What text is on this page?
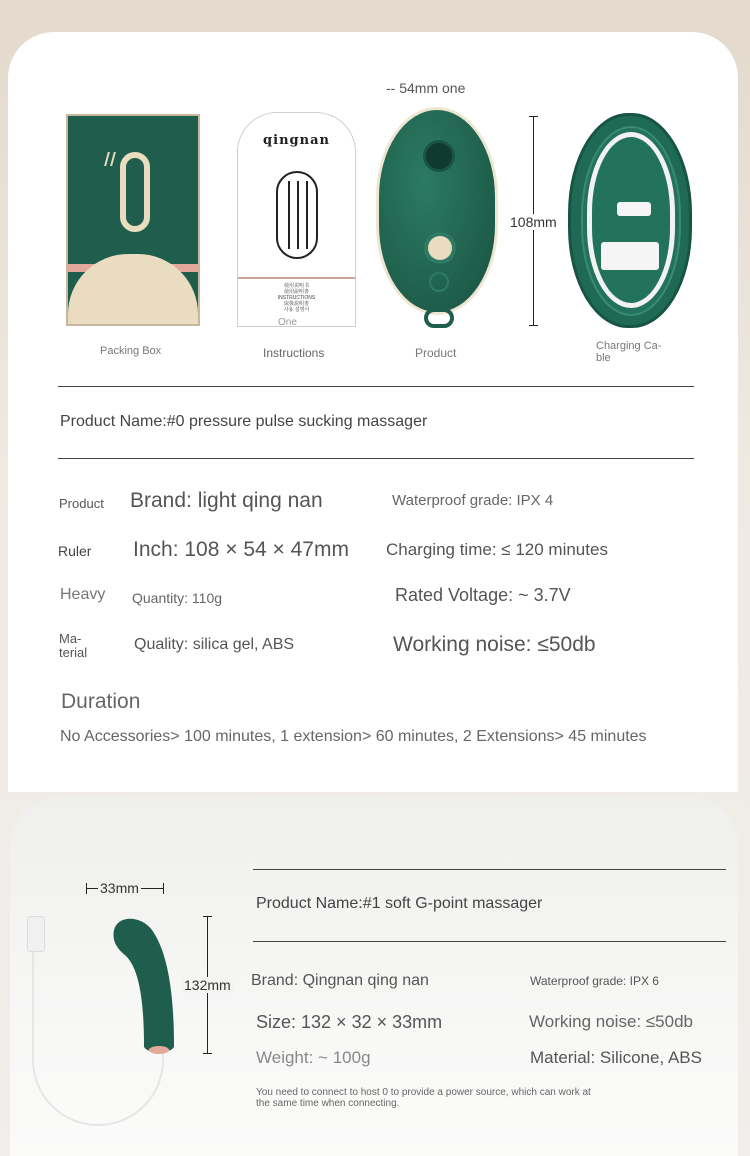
-- 54mm one
qingnan
使用说明书
使用說明書
INSTRUCTIONS
取扱説明書
사용 설명서
One
108mm
Packing Box	Instructions	Product	Charging Ca-
ble
Product Name:#0 pressure pulse sucking massager
Product Brand: light qing nan	Waterproof grade: IPX 4
Ruler Inch: 108 × 54 × 47mm Charging time: ≤ 120 minutes
Heavy Quantity: 110g	Rated Voltage: ~ 3.7V
Ma-
terial	Quality: silica gel, ABS	Working noise: ≤50db
Duration
No Accessories> 100 minutes, 1 extension> 60 minutes, 2 Extensions> 45 minutes
33mm
132mm
Product Name:#1 soft G-point massager
Brand: Qingnan qing nan	Waterproof grade: IPX 6
Size: 132 × 32 × 33mm	Working noise: ≤50db
Weight: ~ 100g	Material: Silicone, ABS
You need to connect to host 0 to provide a power source, which can work at
the same time when connecting.
